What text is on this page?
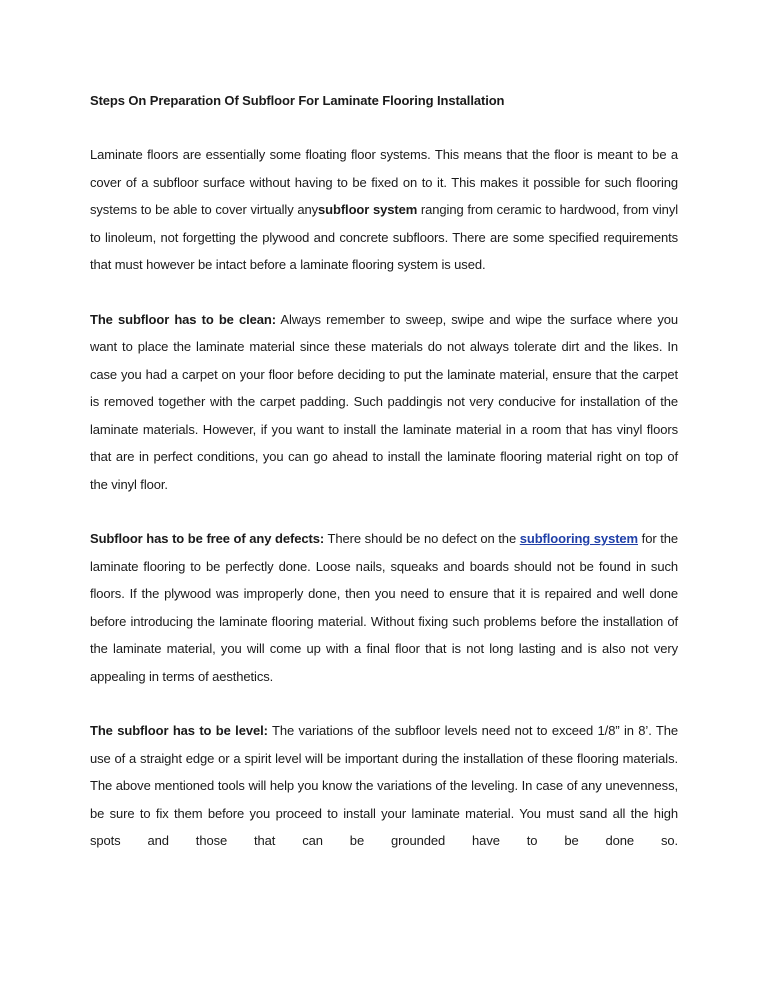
Steps On Preparation Of Subfloor For Laminate Flooring Installation

Laminate floors are essentially some floating floor systems. This means that the floor is meant to be a cover of a subfloor surface without having to be fixed on to it. This makes it possible for such flooring systems to be able to cover virtually anysubfloor system ranging from ceramic to hardwood, from vinyl to linoleum, not forgetting the plywood and concrete subfloors. There are some specified requirements that must however be intact before a laminate flooring system is used.

The subfloor has to be clean: Always remember to sweep, swipe and wipe the surface where you want to place the laminate material since these materials do not always tolerate dirt and the likes. In case you had a carpet on your floor before deciding to put the laminate material, ensure that the carpet is removed together with the carpet padding. Such paddingis not very conducive for installation of the laminate materials. However, if you want to install the laminate material in a room that has vinyl floors that are in perfect conditions, you can go ahead to install the laminate flooring material right on top of the vinyl floor.

Subfloor has to be free of any defects: There should be no defect on the subflooring system for the laminate flooring to be perfectly done. Loose nails, squeaks and boards should not be found in such floors. If the plywood was improperly done, then you need to ensure that it is repaired and well done before introducing the laminate flooring material. Without fixing such problems before the installation of the laminate material, you will come up with a final floor that is not long lasting and is also not very appealing in terms of aesthetics.

The subfloor has to be level: The variations of the subfloor levels need not to exceed 1/8” in 8’. The use of a straight edge or a spirit level will be important during the installation of these flooring materials. The above mentioned tools will help you know the variations of the leveling. In case of any unevenness, be sure to fix them before you proceed to install your laminate material. You must sand all the high spots and those that can be grounded have to be done so.
